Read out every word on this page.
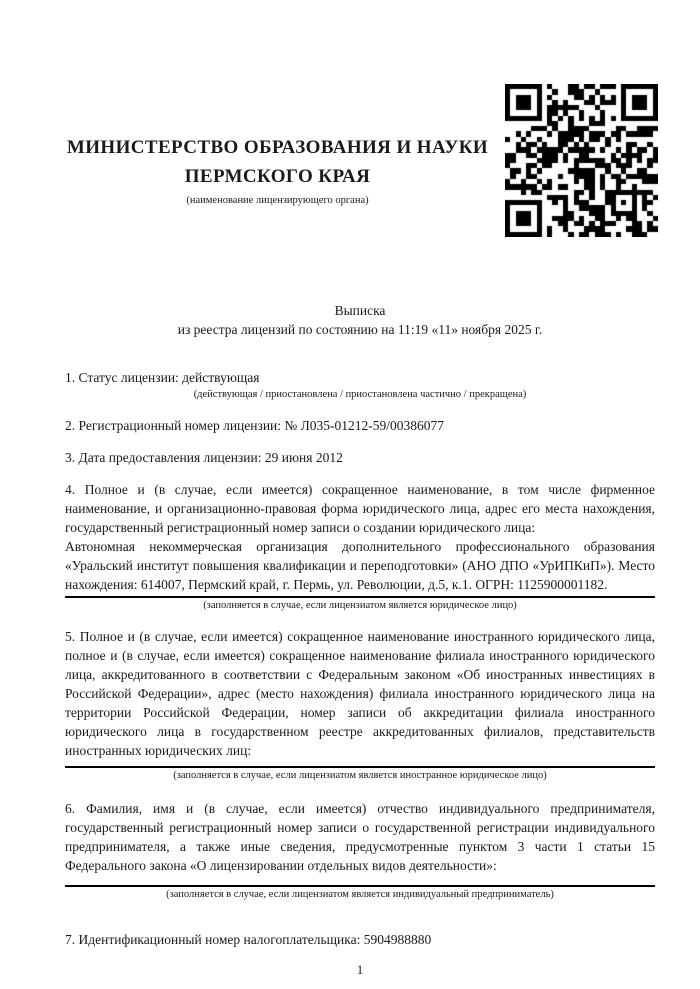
МИНИСТЕРСТВО ОБРАЗОВАНИЯ И НАУКИ ПЕРМСКОГО КРАЯ
(наименование лицензирующего органа)
Выписка
из реестра лицензий по состоянию на 11:19 «11» ноября 2025 г.
1. Статус лицензии: действующая
(действующая / приостановлена / приостановлена частично / прекращена)
2. Регистрационный номер лицензии: № Л035-01212-59/00386077
3. Дата предоставления лицензии: 29 июня 2012
4. Полное и (в случае, если имеется) сокращенное наименование, в том числе фирменное наименование, и организационно-правовая форма юридического лица, адрес его места нахождения, государственный регистрационный номер записи о создании юридического лица:
Автономная некоммерческая организация дополнительного профессионального образования «Уральский институт повышения квалификации и переподготовки» (АНО ДПО «УрИПКиП»). Место нахождения: 614007, Пермский край, г. Пермь, ул. Революции, д.5, к.1. ОГРН: 1125900001182.
(заполняется в случае, если лицензиатом является юридическое лицо)
5. Полное и (в случае, если имеется) сокращенное наименование иностранного юридического лица, полное и (в случае, если имеется) сокращенное наименование филиала иностранного юридического лица, аккредитованного в соответствии с Федеральным законом «Об иностранных инвестициях в Российской Федерации», адрес (место нахождения) филиала иностранного юридического лица на территории Российской Федерации, номер записи об аккредитации филиала иностранного юридического лица в государственном реестре аккредитованных филиалов, представительств иностранных юридических лиц:
(заполняется в случае, если лицензиатом является иностранное юридическое лицо)
6. Фамилия, имя и (в случае, если имеется) отчество индивидуального предпринимателя, государственный регистрационный номер записи о государственной регистрации индивидуального предпринимателя, а также иные сведения, предусмотренные пунктом 3 части 1 статьи 15 Федерального закона «О лицензировании отдельных видов деятельности»:
(заполняется в случае, если лицензиатом является индивидуальный предприниматель)
7. Идентификационный номер налогоплательщика: 5904988880
1
